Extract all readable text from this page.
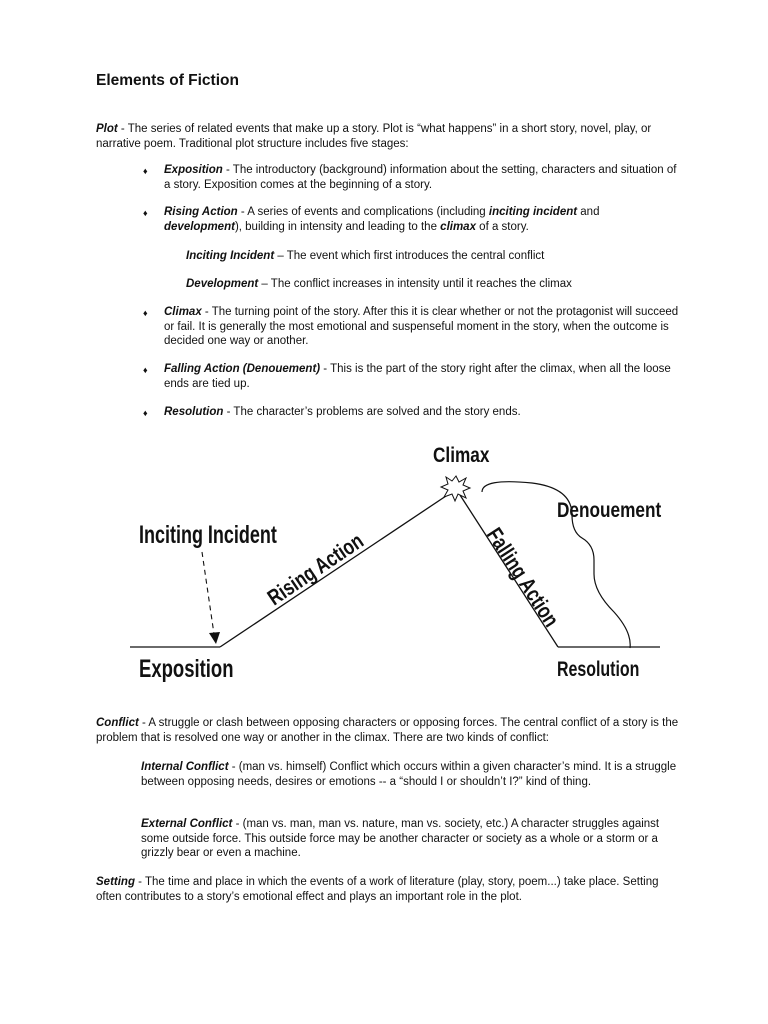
Elements of Fiction
Plot - The series of related events that make up a story. Plot is “what happens” in a short story, novel, play, or narrative poem. Traditional plot structure includes five stages:
♦ Exposition - The introductory (background) information about the setting, characters and situation of a story. Exposition comes at the beginning of a story.
♦ Rising Action - A series of events and complications (including inciting incident and development), building in intensity and leading to the climax of a story.
Inciting Incident – The event which first introduces the central conflict
Development – The conflict increases in intensity until it reaches the climax
♦ Climax - The turning point of the story. After this it is clear whether or not the protagonist will succeed or fail. It is generally the most emotional and suspenseful moment in the story, when the outcome is decided one way or another.
♦ Falling Action (Denouement) - This is the part of the story right after the climax, when all the loose ends are tied up.
♦ Resolution - The character’s problems are solved and the story ends.
Climax
Denouement
Inciting Incident
Rising Action	Falling Action
Exposition	Resolution
Conflict - A struggle or clash between opposing characters or opposing forces. The central conflict of a story is the problem that is resolved one way or another in the climax. There are two kinds of conflict:
Internal Conflict - (man vs. himself) Conflict which occurs within a given character’s mind. It is a struggle between opposing needs, desires or emotions -- a “should I or shouldn’t I?” kind of thing.
External Conflict - (man vs. man, man vs. nature, man vs. society, etc.) A character struggles against some outside force. This outside force may be another character or society as a whole or a storm or a grizzly bear or even a machine.
Setting - The time and place in which the events of a work of literature (play, story, poem...) take place. Setting often contributes to a story’s emotional effect and plays an important role in the plot.
